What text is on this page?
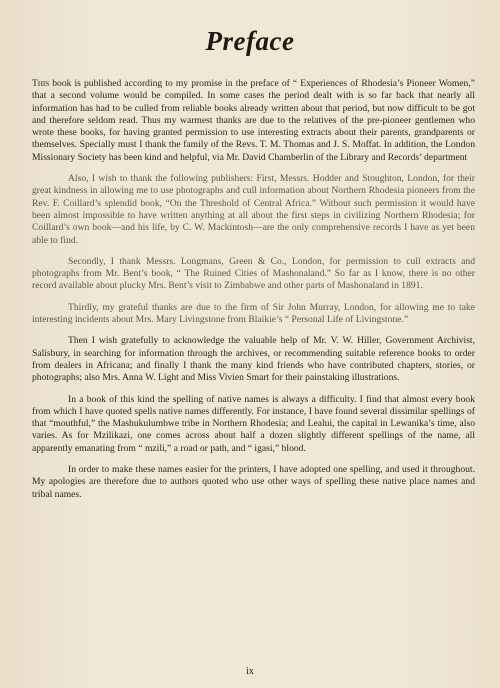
Preface

This book is published according to my promise in the preface of “ Experiences of Rhodesia’s Pioneer Women,” that a second volume would be compiled. In some cases the period dealt with is so far back that nearly all information has had to be culled from reliable books already written about that period, but now difficult to be got and therefore seldom read. Thus my warmest thanks are due to the relatives of the pre-pioneer gentlemen who wrote these books, for having granted permission to use interesting extracts about their parents, grandparents or themselves. Specially must I thank the family of the Revs. T. M. Thomas and J. S. Moffat. In addition, the London Missionary Society has been kind and helpful, via Mr. David Chamberlin of the Library and Records’ department

Also, I wish to thank the following publishers: First, Messrs. Hodder and Stoughton, London, for their great kindness in allowing me to use photographs and cull information about Northern Rhodesia pioneers from the Rev. F. Coillard’s splendid book, “On the Threshold of Central Africa.” Without such permission it would have been almost impossible to have written anything at all about the first steps in civilizing Northern Rhodesia; for Coillard’s own book—and his life, by C. W. Mackintosh—are the only comprehensive records I have as yet been able to find.

Secondly, I thank Messrs. Longmans, Green & Co., London, for permission to cull extracts and photographs from Mr. Bent’s book, “ The Ruined Cities of Mashonaland.” So far as I know, there is no other record available about plucky Mrs. Bent’s visit to Zimbabwe and other parts of Mashonaland in 1891.

Thirdly, my grateful thanks are due to the firm of Sir John Murray, London, for allowing me to take interesting incidents about Mrs. Mary Livingstone from Blaikie’s “ Personal Life of Livingstone.”

Then I wish gratefully to acknowledge the valuable help of Mr. V. W. Hiller, Government Archivist, Salisbury, in searching for information through the archives, or recommending suitable reference books to order from dealers in Africana; and finally I thank the many kind friends who have contributed chapters, stories, or photographs; also Mrs. Anna W. Light and Miss Vivien Smart for their painstaking illustrations.

In a book of this kind the spelling of native names is always a difficulty. I find that almost every book from which I have quoted spells native names differently. For instance, I have found several dissimilar spellings of that “mouthful,” the Mashukulumbwe tribe in Northern Rhodesia; and Lealui, the capital in Lewanika’s time, also varies. As for Mzilikazi, one comes across about half a dozen slightly different spellings of the name, all apparently emanating from “ mzili,” a road or path, and “ igasi,” blood.

In order to make these names easier for the printers, I have adopted one spelling, and used it throughout. My apologies are therefore due to authors quoted who use other ways of spelling these native place names and tribal names.

ix
